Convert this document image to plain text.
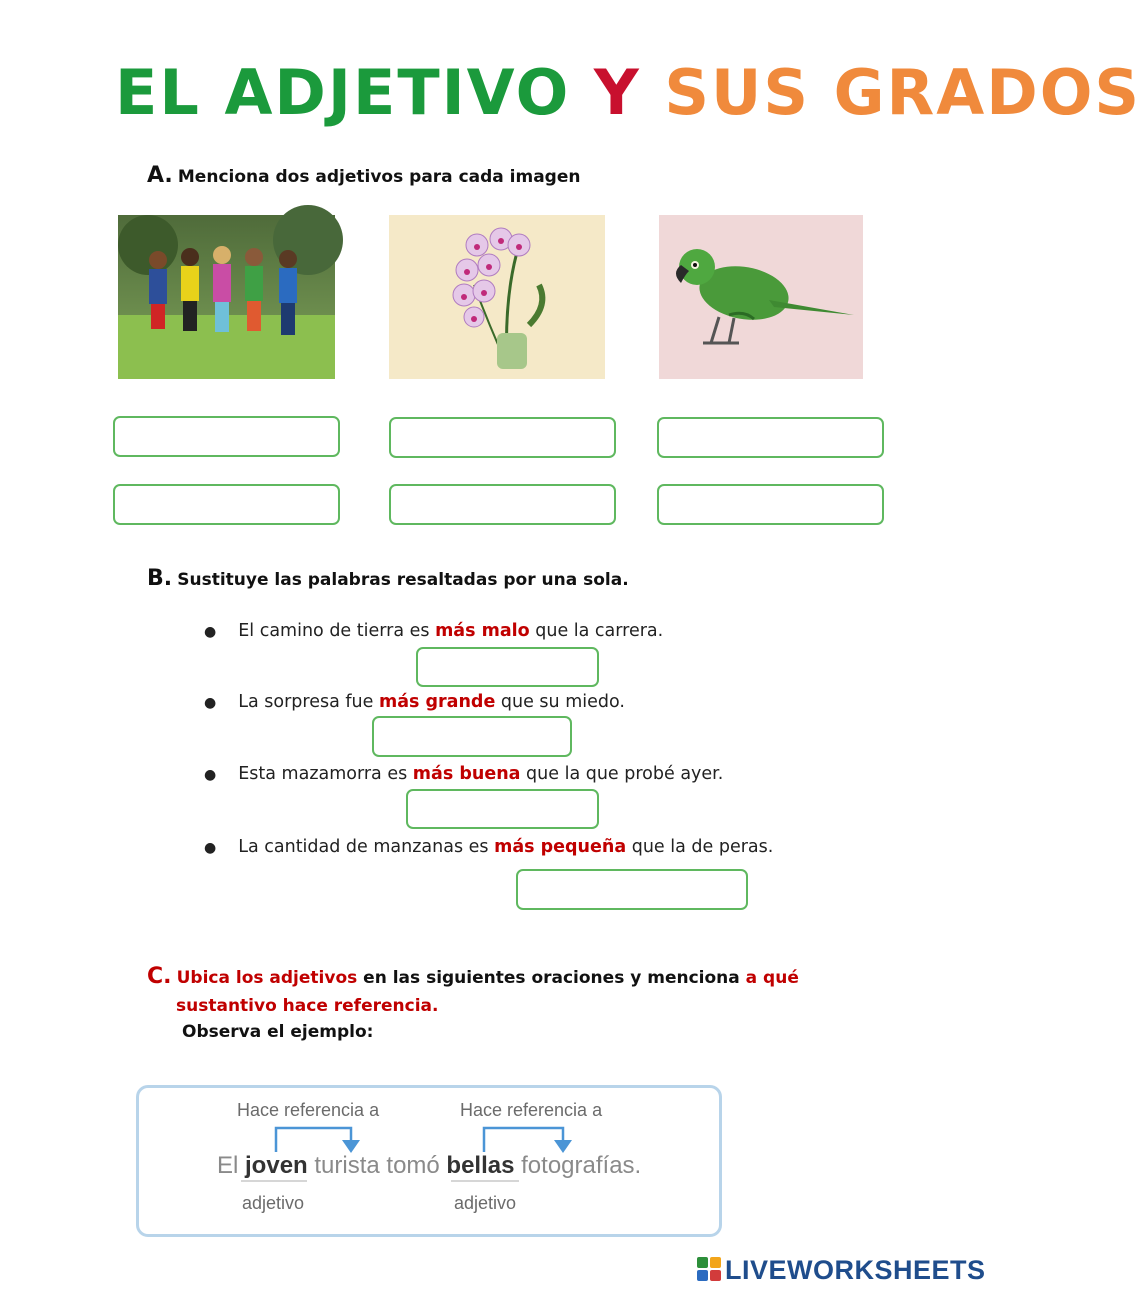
EL ADJETIVO Y SUS GRADOS
A. Menciona dos adjetivos para cada imagen
B. Sustituye las palabras resaltadas por una sola.
● El camino de tierra es más malo que la carrera.
● La sorpresa fue más grande que su miedo.
● Esta mazamorra es más buena que la que probé ayer.
● La cantidad de manzanas es más pequeña que la de peras.
C. Ubica los adjetivos en las siguientes oraciones y menciona a qué
sustantivo hace referencia.
Observa el ejemplo:
Hace referencia a	Hace referencia a
El joven turista tomó bellas fotografías.
adjetivo	adjetivo
LIVEWORKSHEETS
